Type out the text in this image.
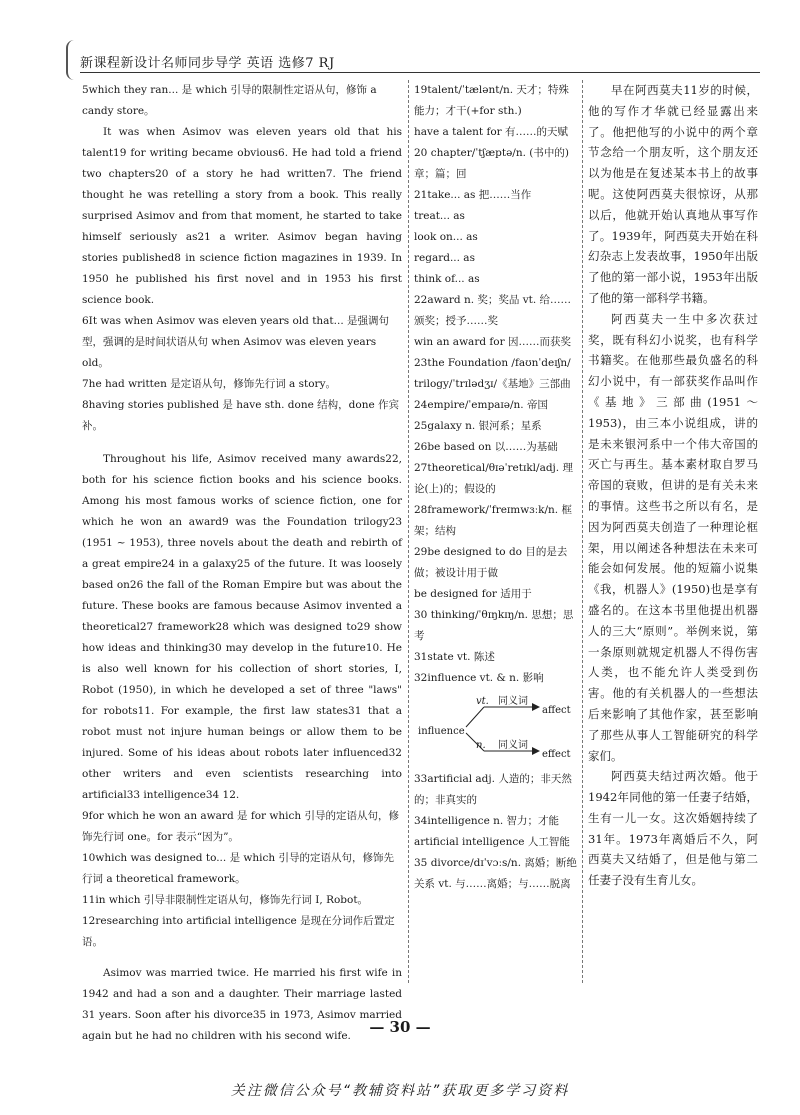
新课程新设计名师同步导学 英语 选修7 RJ

5which they ran... 是 which 引导的限制性定语从句，修饰 a candy store。

It was when Asimov was eleven years old that his talent19 for writing became obvious6. He had told a friend two chapters20 of a story he had written7. The friend thought he was retelling a story from a book. This really surprised Asimov and from that moment, he started to take himself seriously as21 a writer. Asimov began having stories published8 in science fiction magazines in 1939. In 1950 he published his first novel and in 1953 his first science book.

6It was when Asimov was eleven years old that... 是强调句型，强调的是时间状语从句 when Asimov was eleven years old。

7he had written 是定语从句，修饰先行词 a story。

8having stories published 是 have sth. done 结构，done 作宾补。

Throughout his life, Asimov received many awards22, both for his science fiction books and his science books. Among his most famous works of science fiction, one for which he won an award9 was the Foundation trilogy23 (1951 ~ 1953), three novels about the death and rebirth of a great empire24 in a galaxy25 of the future. It was loosely based on26 the fall of the Roman Empire but was about the future. These books are famous because Asimov invented a theoretical27 framework28 which was designed to29 show how ideas and thinking30 may develop in the future10. He is also well known for his collection of short stories, I, Robot (1950), in which he developed a set of three "laws" for robots11. For example, the first law states31 that a robot must not injure human beings or allow them to be injured. Some of his ideas about robots later influenced32 other writers and even scientists researching into artificial33 intelligence34 12.

9for which he won an award 是 for which 引导的定语从句，修饰先行词 one。for 表示“因为”。

10which was designed to... 是 which 引导的定语从句，修饰先行词 a theoretical framework。

11in which 引导非限制性定语从句，修饰先行词 I, Robot。

12researching into artificial intelligence 是现在分词作后置定语。

Asimov was married twice. He married his first wife in 1942 and had a son and a daughter. Their marriage lasted 31 years. Soon after his divorce35 in 1973, Asimov married again but he had no children with his second wife.

19talent/ˈtælənt/n. 天才；特殊能力；才干(+for sth.)

have a talent for 有……的天赋

20 chapter/ˈtʃæptə/n. (书中的)章；篇；回

21take... as 把……当作

treat... as

look on... as

regard... as

think of... as

22award n. 奖；奖品 vt. 给……颁奖；授予……奖

win an award for 因……而获奖

23the Foundation /faʊnˈdeɪʃn/ trilogy/ˈtrɪlədʒɪ/《基地》三部曲

24empire/ˈempaɪə/n. 帝国

25galaxy n. 银河系；星系

26be based on 以……为基础

27theoretical/θɪəˈretɪkl/adj. 理论(上)的；假设的

28framework/ˈfreɪmwɜːk/n. 框架；结构

29be designed to do 目的是去做；被设计用于做

be designed for 适用于

30 thinking/ˈθɪŋkɪŋ/n. 思想；思考

31state vt. 陈述

32influence vt. & n. 影响

influence
vt. 同义词
affect
n. 同义词
effect

33artificial adj. 人造的；非天然的；非真实的

34intelligence n. 智力；才能

artificial intelligence 人工智能

35 divorce/dɪˈvɔːs/n. 离婚；断绝关系 vt. 与……离婚；与……脱离

早在阿西莫夫11岁的时候，他的写作才华就已经显露出来了。他把他写的小说中的两个章节念给一个朋友听，这个朋友还以为他是在复述某本书上的故事呢。这使阿西莫夫很惊讶，从那以后，他就开始认真地从事写作了。1939年，阿西莫夫开始在科幻杂志上发表故事，1950年出版了他的第一部小说，1953年出版了他的第一部科学书籍。

阿西莫夫一生中多次获过奖，既有科幻小说奖，也有科学书籍奖。在他那些最负盛名的科幻小说中，有一部获奖作品叫作《基地》三部曲(1951～1953)，由三本小说组成，讲的是未来银河系中一个伟大帝国的灭亡与再生。基本素材取自罗马帝国的衰败，但讲的是有关未来的事情。这些书之所以有名，是因为阿西莫夫创造了一种理论框架，用以阐述各种想法在未来可能会如何发展。他的短篇小说集《我，机器人》(1950)也是享有盛名的。在这本书里他提出机器人的三大“原则”。举例来说，第一条原则就规定机器人不得伤害人类，也不能允许人类受到伤害。他的有关机器人的一些想法后来影响了其他作家，甚至影响了那些从事人工智能研究的科学家们。

阿西莫夫结过两次婚。他于1942年同他的第一任妻子结婚，生有一儿一女。这次婚姻持续了31年。1973年离婚后不久，阿西莫夫又结婚了，但是他与第二任妻子没有生育儿女。

— 30 —
关注微信公众号“教辅资料站”获取更多学习资料
